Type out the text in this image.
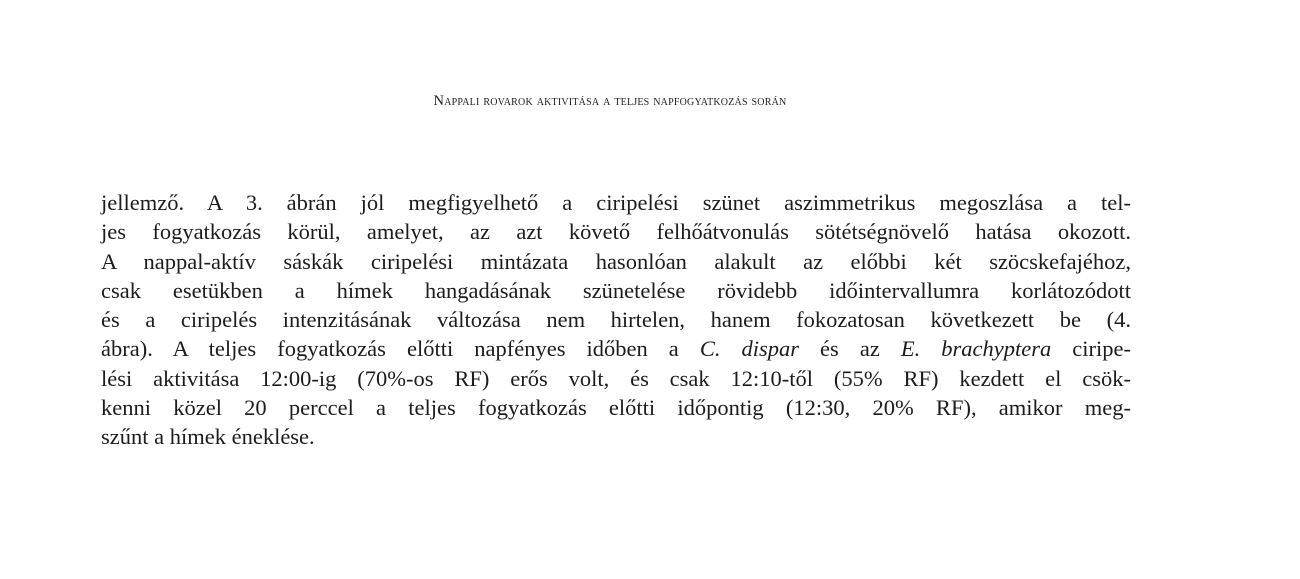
Nappali rovarok aktivitása a teljes napfogyatkozás során

jellemző. A 3. ábrán jól megfigyelhető a ciripelési szünet aszimmetrikus megoszlása a tel-
jes fogyatkozás körül, amelyet, az azt követő felhőátvonulás sötétségnövelő hatása okozott.
A nappal-aktív sáskák ciripelési mintázata hasonlóan alakult az előbbi két szöcskefajéhoz,
csak esetükben a hímek hangadásának szünetelése rövidebb időintervallumra korlátozódott
és a ciripelés intenzitásának változása nem hirtelen, hanem fokozatosan következett be (4.
ábra). A teljes fogyatkozás előtti napfényes időben a C. dispar és az E. brachyptera ciripe-
lési aktivitása 12:00-ig (70%-os RF) erős volt, és csak 12:10-től (55% RF) kezdett el csök-
kenni közel 20 perccel a teljes fogyatkozás előtti időpontig (12:30, 20% RF), amikor meg-
szűnt a hímek éneklése.
